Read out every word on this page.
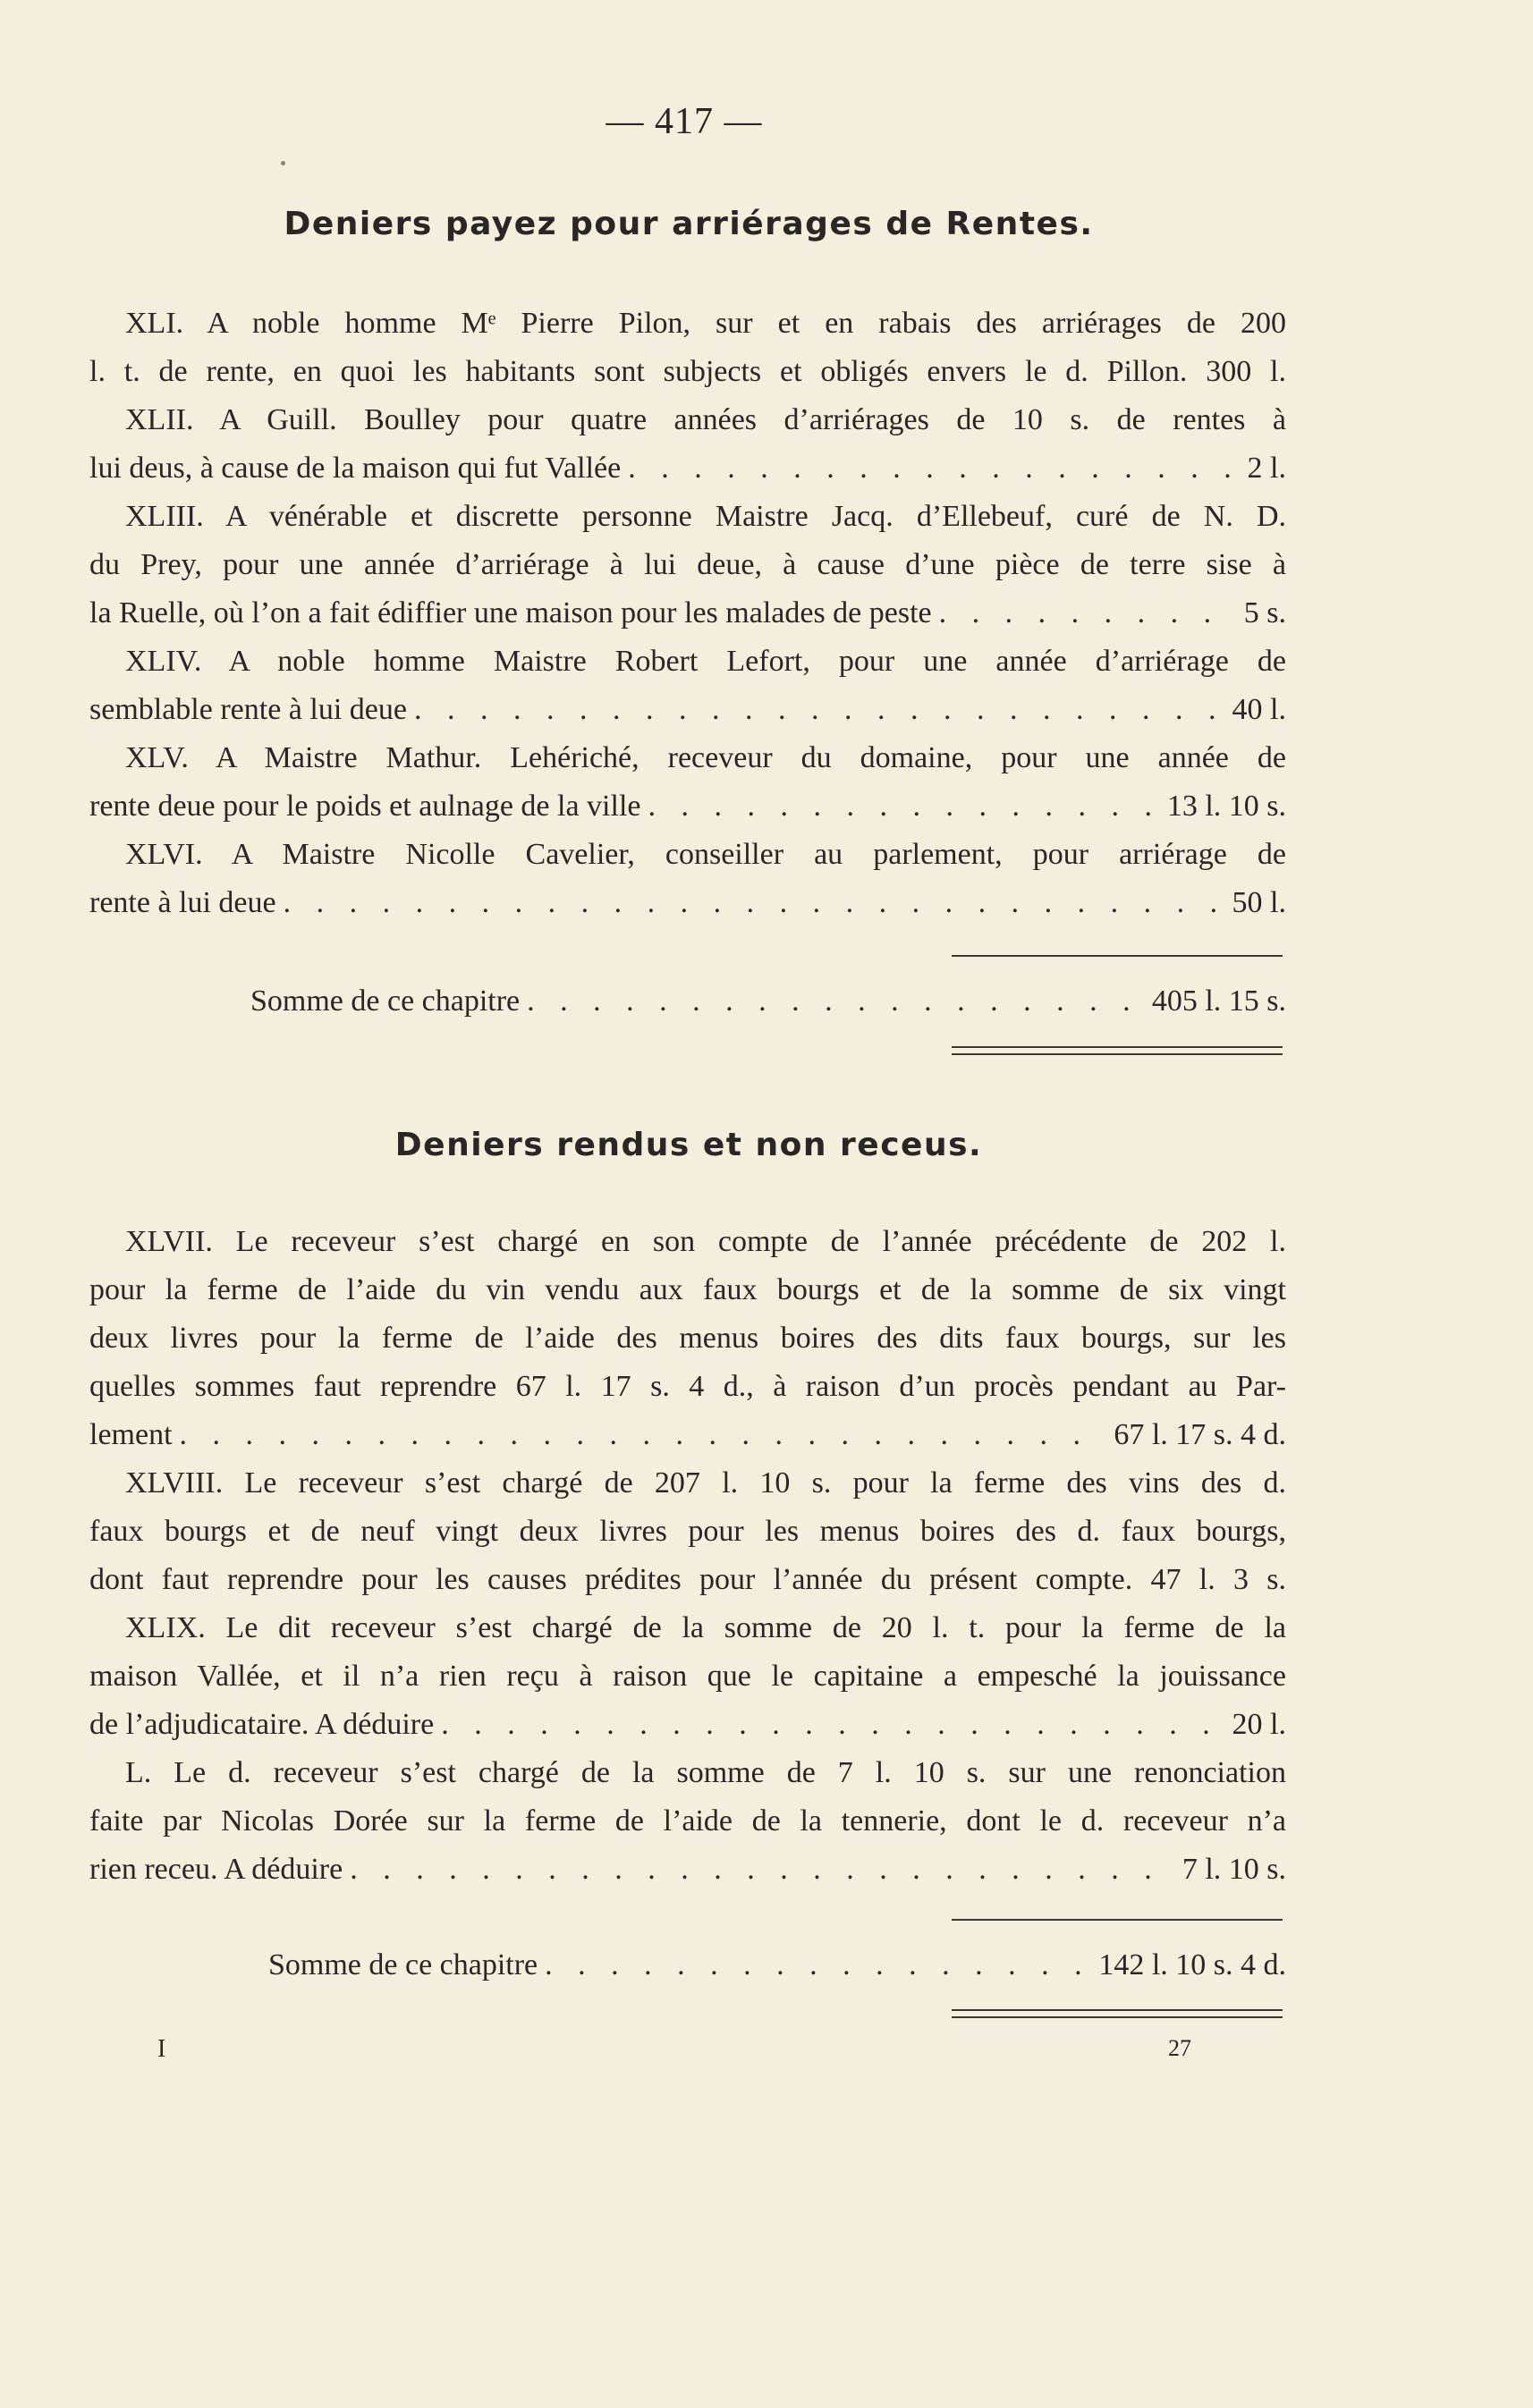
— 417 —
Deniers payez pour arriérages de Rentes.
XLI. A noble homme Mᵉ Pierre Pilon, sur et en rabais des arriérages de 200
l. t. de rente, en quoi les habitants sont subjects et obligés envers le d. Pillon. 300 l.
XLII. A Guill. Boulley pour quatre années d’arriérages de 10 s. de rentes à
lui deus, à cause de la maison qui fut Vallée . . .	2 l.
XLIII. A vénérable et discrette personne Maistre Jacq. d’Ellebeuf, curé de N. D.
du Prey, pour une année d’arriérage à lui deue, à cause d’une pièce de terre sise à
la Ruelle, où l’on a fait édiffier une maison pour les malades de peste . . .	5 s.
XLIV. A noble homme Maistre Robert Lefort, pour une année d’arriérage de
semblable rente à lui deue . . .	40 l.
XLV. A Maistre Mathur. Lehériché, receveur du domaine, pour une année de
rente deue pour le poids et aulnage de la ville . . .	13 l. 10 s.
XLVI. A Maistre Nicolle Cavelier, conseiller au parlement, pour arriérage de
rente à lui deue . . .	50 l.
Somme de ce chapitre . . .	405 l. 15 s.
Deniers rendus et non receus.
XLVII. Le receveur s’est chargé en son compte de l’année précédente de 202 l.
pour la ferme de l’aide du vin vendu aux faux bourgs et de la somme de six vingt
deux livres pour la ferme de l’aide des menus boires des dits faux bourgs, sur les
quelles sommes faut reprendre 67 l. 17 s. 4 d., à raison d’un procès pendant au Par-
lement . . .	67 l. 17 s. 4 d.
XLVIII. Le receveur s’est chargé de 207 l. 10 s. pour la ferme des vins des d.
faux bourgs et de neuf vingt deux livres pour les menus boires des d. faux bourgs,
dont faut reprendre pour les causes prédites pour l’année du présent compte. 47 l. 3 s.
XLIX. Le dit receveur s’est chargé de la somme de 20 l. t. pour la ferme de la
maison Vallée, et il n’a rien reçu à raison que le capitaine a empesché la jouissance
de l’adjudicataire. A déduire . . .	20 l.
L. Le d. receveur s’est chargé de la somme de 7 l. 10 s. sur une renonciation
faite par Nicolas Dorée sur la ferme de l’aide de la tennerie, dont le d. receveur n’a
rien receu. A déduire . . .	7 l. 10 s.
Somme de ce chapitre . . .	142 l. 10 s. 4 d.
I	27
